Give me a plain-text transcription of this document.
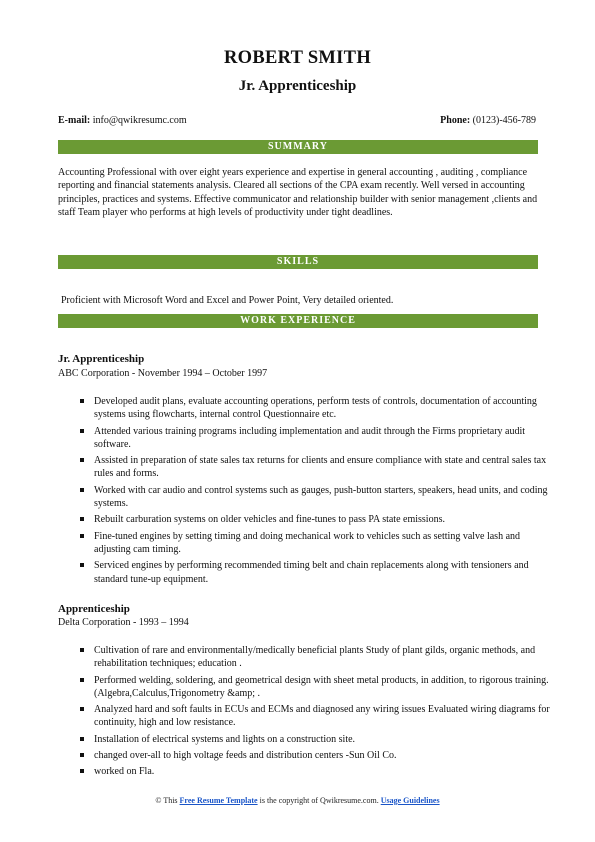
ROBERT SMITH
Jr. Apprenticeship
E-mail: info@qwikresumc.com	Phone: (0123)-456-789
SUMMARY
Accounting Professional with over eight years experience and expertise in general accounting , auditing , compliance reporting and financial statements analysis. Cleared all sections of the CPA exam recently. Well versed in accounting principles, practices and systems. Effective communicator and relationship builder with senior management ,clients and staff Team player who performs at high levels of productivity under tight deadlines.
SKILLS
Proficient with Microsoft Word and Excel and Power Point, Very detailed oriented.
WORK EXPERIENCE
Jr. Apprenticeship
ABC Corporation - November 1994 – October 1997
Developed audit plans, evaluate accounting operations, perform tests of controls, documentation of accounting systems using flowcharts, internal control Questionnaire etc.
Attended various training programs including implementation and audit through the Firms proprietary audit software.
Assisted in preparation of state sales tax returns for clients and ensure compliance with state and central sales tax rules and forms.
Worked with car audio and control systems such as gauges, push-button starters, speakers, head units, and coding systems.
Rebuilt carburation systems on older vehicles and fine-tunes to pass PA state emissions.
Fine-tuned engines by setting timing and doing mechanical work to vehicles such as setting valve lash and adjusting cam timing.
Serviced engines by performing recommended timing belt and chain replacements along with tensioners and standard tune-up equipment.
Apprenticeship
Delta Corporation - 1993 – 1994
Cultivation of rare and environmentally/medically beneficial plants Study of plant gilds, organic methods, and rehabilitation techniques; education .
Performed welding, soldering, and geometrical design with sheet metal products, in addition, to rigorous training.(Algebra,Calculus,Trigonometry &amp; .
Analyzed hard and soft faults in ECUs and ECMs and diagnosed any wiring issues Evaluated wiring diagrams for continuity, high and low resistance.
Installation of electrical systems and lights on a construction site.
changed over-all to high voltage feeds and distribution centers -Sun Oil Co.
worked on Fla.
© This Free Resume Template is the copyright of Qwikresume.com. Usage Guidelines
